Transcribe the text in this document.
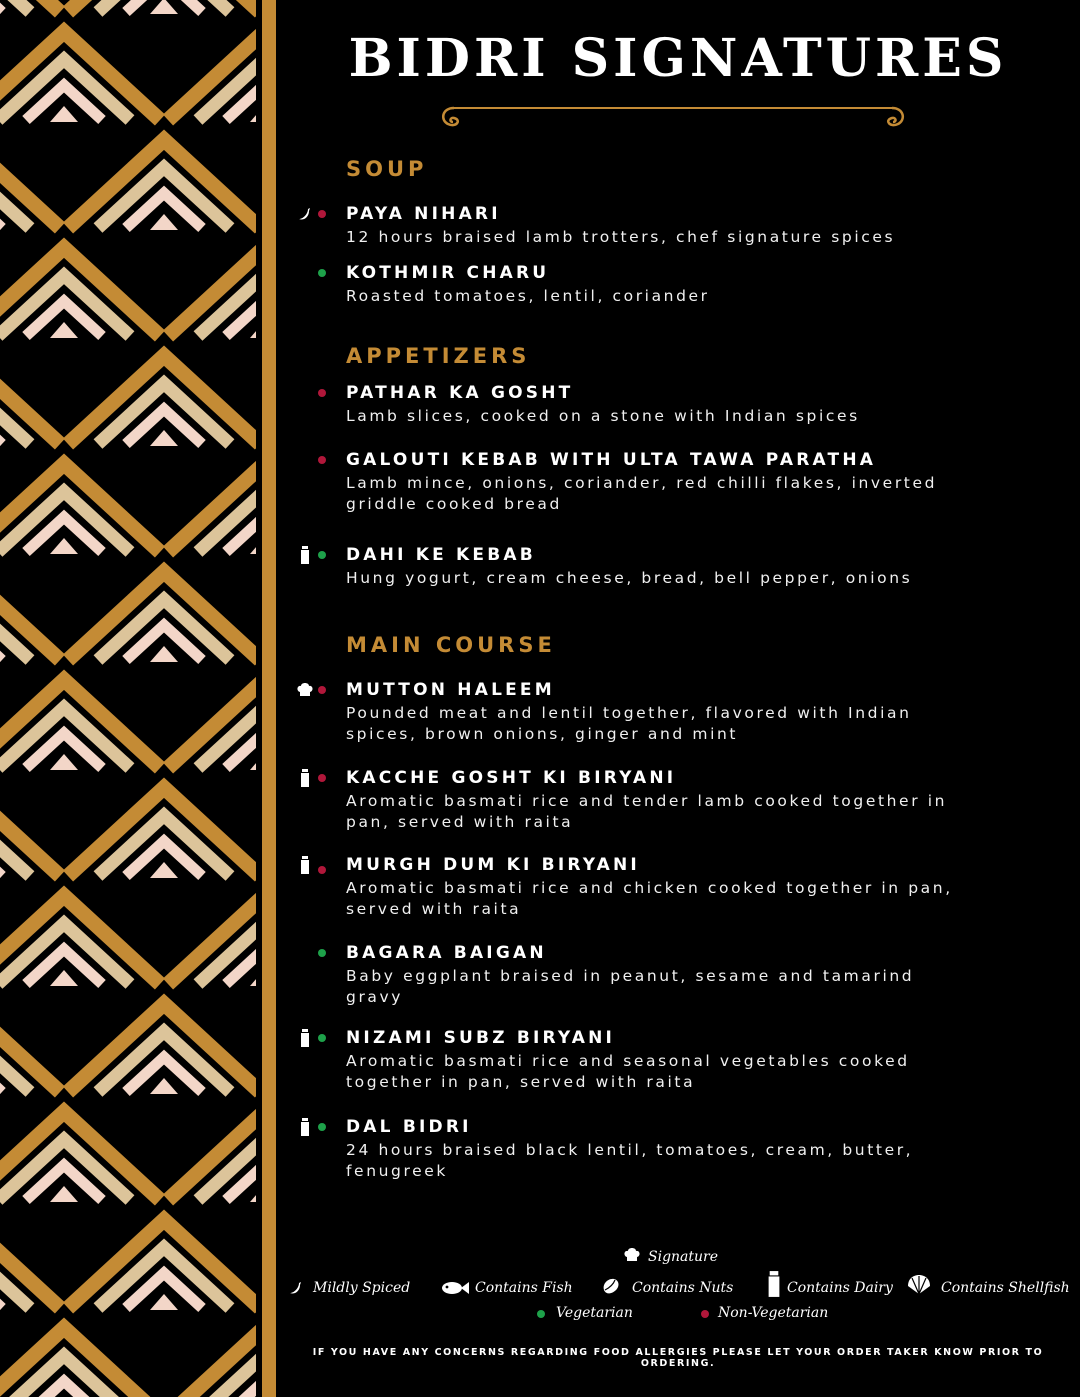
BIDRI SIGNATURES
SOUP
PAYA NIHARI
12 hours braised lamb trotters, chef signature spices
KOTHMIR CHARU
Roasted tomatoes, lentil, coriander
APPETIZERS
PATHAR KA GOSHT
Lamb slices, cooked on a stone with Indian spices
GALOUTI KEBAB WITH ULTA TAWA PARATHA
Lamb mince, onions, coriander, red chilli flakes, inverted griddle cooked bread
DAHI KE KEBAB
Hung yogurt, cream cheese, bread, bell pepper, onions
MAIN COURSE
MUTTON HALEEM
Pounded meat and lentil together, flavored with Indian spices, brown onions, ginger and mint
KACCHE GOSHT KI BIRYANI
Aromatic basmati rice and tender lamb cooked together in pan, served with raita
MURGH DUM KI BIRYANI
Aromatic basmati rice and chicken cooked together in pan, served with raita
BAGARA BAIGAN
Baby eggplant braised in peanut, sesame and tamarind gravy
NIZAMI SUBZ BIRYANI
Aromatic basmati rice and seasonal vegetables cooked together in pan, served with raita
DAL BIDRI
24 hours braised black lentil, tomatoes, cream, butter, fenugreek
Signature
Mildly Spiced	Contains Fish	Contains Nuts	Contains Dairy	Contains Shellfish
Vegetarian	Non-Vegetarian
IF YOU HAVE ANY CONCERNS REGARDING FOOD ALLERGIES PLEASE LET YOUR ORDER TAKER KNOW PRIOR TO ORDERING.
